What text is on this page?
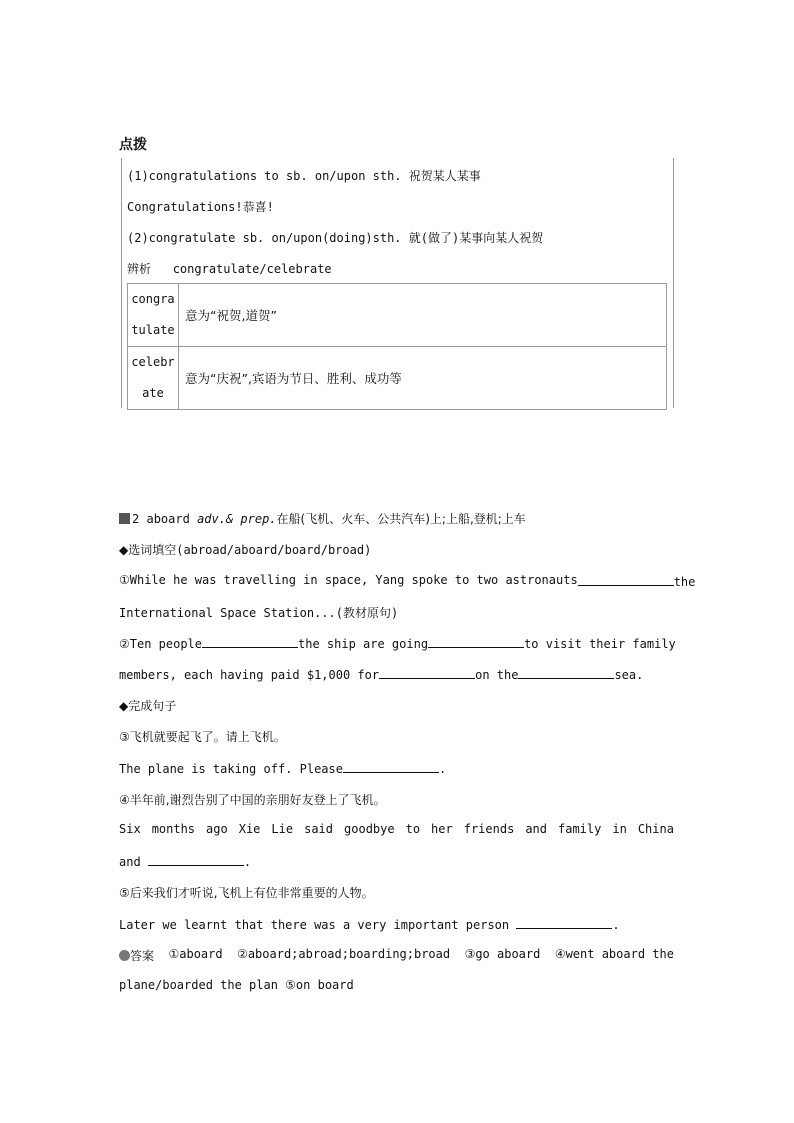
点拨
(1)congratulations to sb. on/upon sth. 祝贺某人某事
Congratulations!恭喜!
(2)congratulate sb. on/upon(doing)sth. 就(做了)某事向某人祝贺
辨析 congratulate/celebrate
congratulate	意为“祝贺,道贺”
celebrate	意为“庆祝”,宾语为节日、胜利、成功等
2 aboard adv.& prep.在船(飞机、火车、公共汽车)上;上船,登机;上车
◆选词填空(abroad/aboard/board/broad)
①While he was travelling in space, Yang spoke to two astronauts	the
International Space Station...(教材原句)
②Ten people	the ship are going	to visit their family
members, each having paid $1,000 for	on the	sea.
◆完成句子
③飞机就要起飞了。请上飞机。
The plane is taking off. Please	.
④半年前,谢烈告别了中国的亲朋好友登上了飞机。
Six months ago Xie Lie said goodbye to her friends and family in China
and	.
⑤后来我们才听说,飞机上有位非常重要的人物。
Later we learnt that there was a very important person	.
答案 ①aboard ②aboard;abroad;boarding;broad ③go aboard ④went aboard the
plane/boarded the plan ⑤on board
